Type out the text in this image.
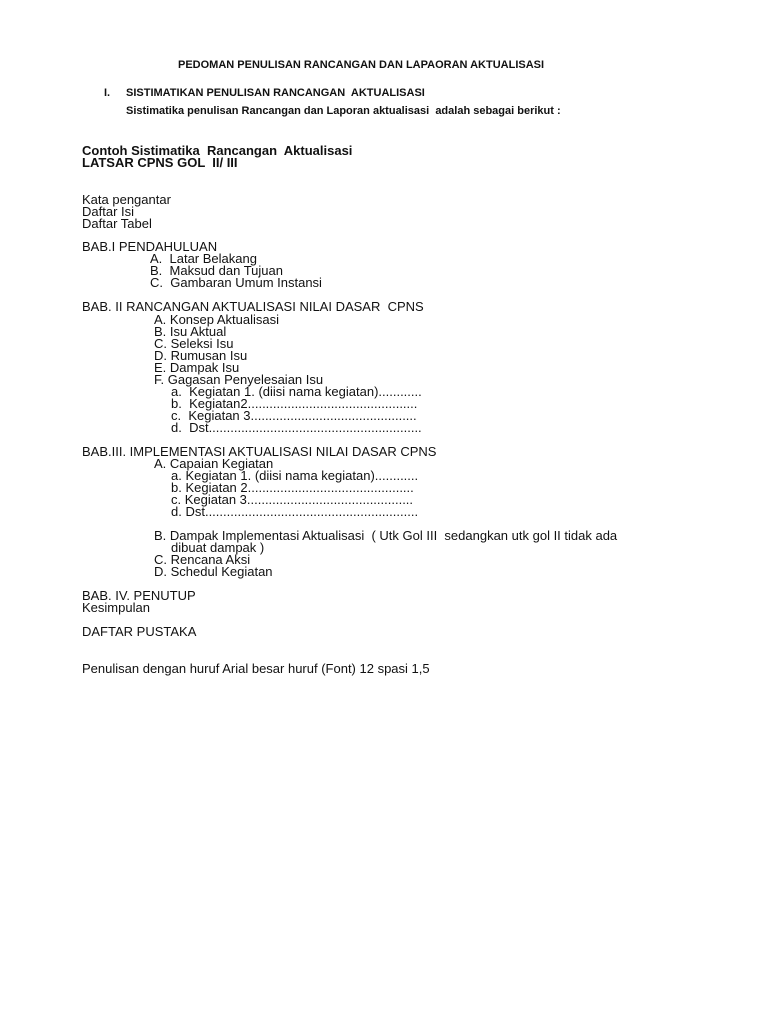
PEDOMAN PENULISAN RANCANGAN DAN LAPAORAN AKTUALISASI
I. SISTIMATIKAN PENULISAN RANCANGAN  AKTUALISASI
Sistimatika penulisan Rancangan dan Laporan aktualisasi  adalah sebagai berikut :
Contoh Sistimatika  Rancangan  Aktualisasi
LATSAR CPNS GOL  II/ III
Kata pengantar
Daftar Isi
Daftar Tabel
BAB.I PENDAHULUAN
A.  Latar Belakang
B.  Maksud dan Tujuan
C.  Gambaran Umum Instansi
BAB. II RANCANGAN AKTUALISASI NILAI DASAR  CPNS
A. Konsep Aktualisasi
B. Isu Aktual
C. Seleksi Isu
D. Rumusan Isu
E. Dampak Isu
F. Gagasan Penyelesaian Isu
a.  Kegiatan 1. (diisi nama kegiatan)............
b.  Kegiatan2...............................................
c.  Kegiatan 3..............................................
d.  Dst...........................................................
BAB.III. IMPLEMENTASI AKTUALISASI NILAI DASAR CPNS
A. Capaian Kegiatan
a. Kegiatan 1. (diisi nama kegiatan)............
b. Kegiatan 2..............................................
c. Kegiatan 3..............................................
d. Dst...........................................................
B. Dampak Implementasi Aktualisasi  ( Utk Gol III  sedangkan utk gol II tidak ada
dibuat dampak )
C. Rencana Aksi
D. Schedul Kegiatan
BAB. IV. PENUTUP
Kesimpulan
DAFTAR PUSTAKA
Penulisan dengan huruf Arial besar huruf (Font) 12 spasi 1,5
